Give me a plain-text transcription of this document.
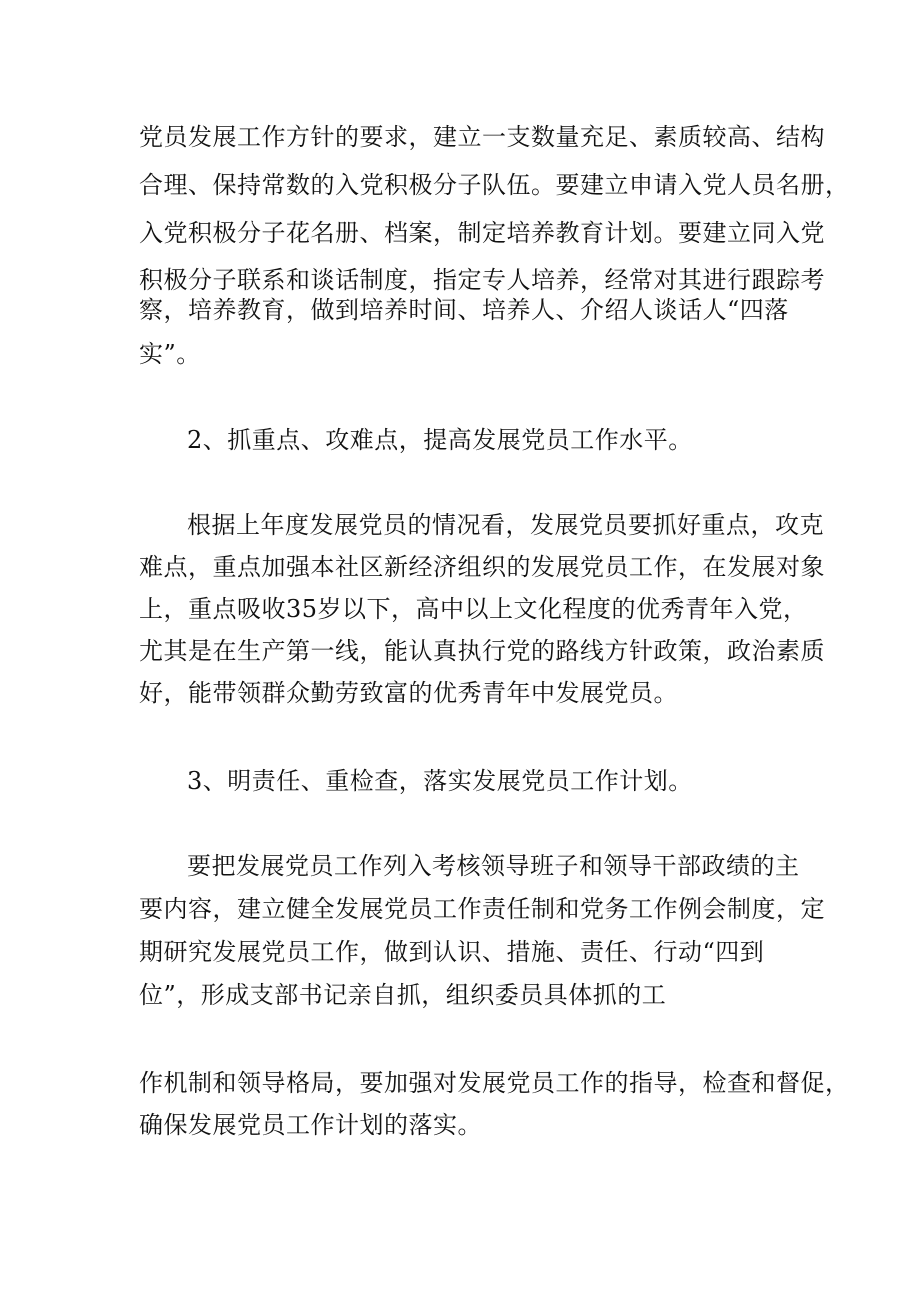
党员发展工作方针的要求，建立一支数量充足、素质较高、结构

合理、保持常数的入党积极分子队伍。要建立申请入党人员名册，

入党积极分子花名册、档案，制定培养教育计划。要建立同入党

积极分子联系和谈话制度，指定专人培养，经常对其进行跟踪考

察，培养教育，做到培养时间、培养人、介绍人谈话人“四落

实”。

2、抓重点、攻难点，提高发展党员工作水平。

根据上年度发展党员的情况看，发展党员要抓好重点，攻克

难点，重点加强本社区新经济组织的发展党员工作，在发展对象

上，重点吸收35岁以下，高中以上文化程度的优秀青年入党，

尤其是在生产第一线，能认真执行党的路线方针政策，政治素质

好，能带领群众勤劳致富的优秀青年中发展党员。

3、明责任、重检查，落实发展党员工作计划。

要把发展党员工作列入考核领导班子和领导干部政绩的主

要内容，建立健全发展党员工作责任制和党务工作例会制度，定

期研究发展党员工作，做到认识、措施、责任、行动“四到

位”，形成支部书记亲自抓，组织委员具体抓的工

作机制和领导格局，要加强对发展党员工作的指导，检查和督促，

确保发展党员工作计划的落实。
